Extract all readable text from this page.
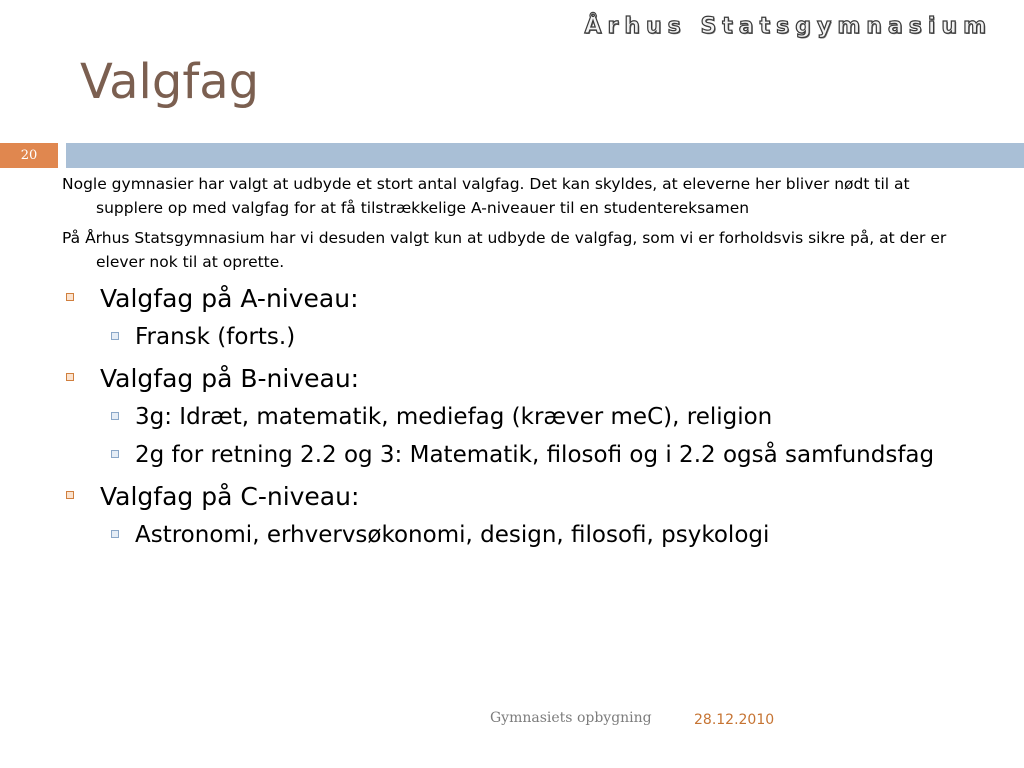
Århus Statsgymnasium
Valgfag
20

Nogle gymnasier har valgt at udbyde et stort antal valgfag. Det kan skyldes, at eleverne her bliver nødt til at supplere op med valgfag for at få tilstrækkelige A-niveauer til en studentereksamen

På Århus Statsgymnasium har vi desuden valgt kun at udbyde de valgfag, som vi er forholdsvis sikre på, at der er elever nok til at oprette.

Valgfag på A-niveau:
Fransk (forts.)
Valgfag på B-niveau:
3g: Idræt, matematik, mediefag (kræver meC), religion
2g for retning 2.2 og 3: Matematik, filosofi og i 2.2 også samfundsfag
Valgfag på C-niveau:
Astronomi, erhvervsøkonomi, design, filosofi, psykologi
Gymnasiets opbygning	28.12.2010
